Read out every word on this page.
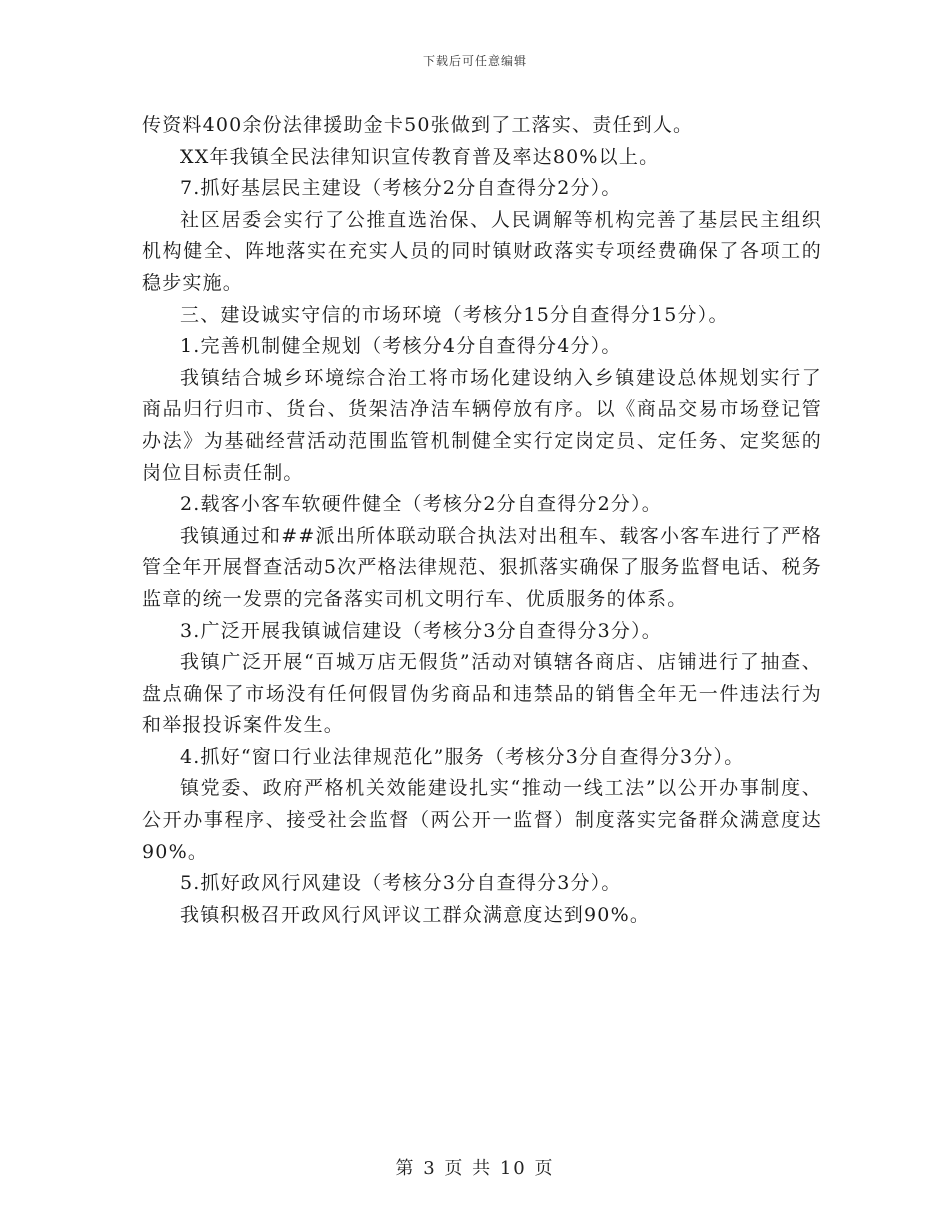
下载后可任意编辑

传资料400余份法律援助金卡50张做到了工落实、责任到人。

XX年我镇全民法律知识宣传教育普及率达80%以上。

7.抓好基层民主建设（考核分2分自查得分2分）。

社区居委会实行了公推直选治保、人民调解等机构完善了基层民主组织机构健全、阵地落实在充实人员的同时镇财政落实专项经费确保了各项工的稳步实施。

三、建设诚实守信的市场环境（考核分15分自查得分15分）。

1.完善机制健全规划（考核分4分自查得分4分）。

我镇结合城乡环境综合治工将市场化建设纳入乡镇建设总体规划实行了商品归行归市、货台、货架洁净洁车辆停放有序。以《商品交易市场登记管办法》为基础经营活动范围监管机制健全实行定岗定员、定任务、定奖惩的岗位目标责任制。

2.载客小客车软硬件健全（考核分2分自查得分2分）。

我镇通过和##派出所体联动联合执法对出租车、载客小客车进行了严格管全年开展督查活动5次严格法律规范、狠抓落实确保了服务监督电话、税务监章的统一发票的完备落实司机文明行车、优质服务的体系。

3.广泛开展我镇诚信建设（考核分3分自查得分3分）。

我镇广泛开展“百城万店无假货”活动对镇辖各商店、店铺进行了抽查、盘点确保了市场没有任何假冒伪劣商品和违禁品的销售全年无一件违法行为和举报投诉案件发生。

4.抓好“窗口行业法律规范化”服务（考核分3分自查得分3分）。

镇党委、政府严格机关效能建设扎实“推动一线工法”以公开办事制度、公开办事程序、接受社会监督（两公开一监督）制度落实完备群众满意度达90%。

5.抓好政风行风建设（考核分3分自查得分3分）。

我镇积极召开政风行风评议工群众满意度达到90%。

第 3 页 共 10 页
